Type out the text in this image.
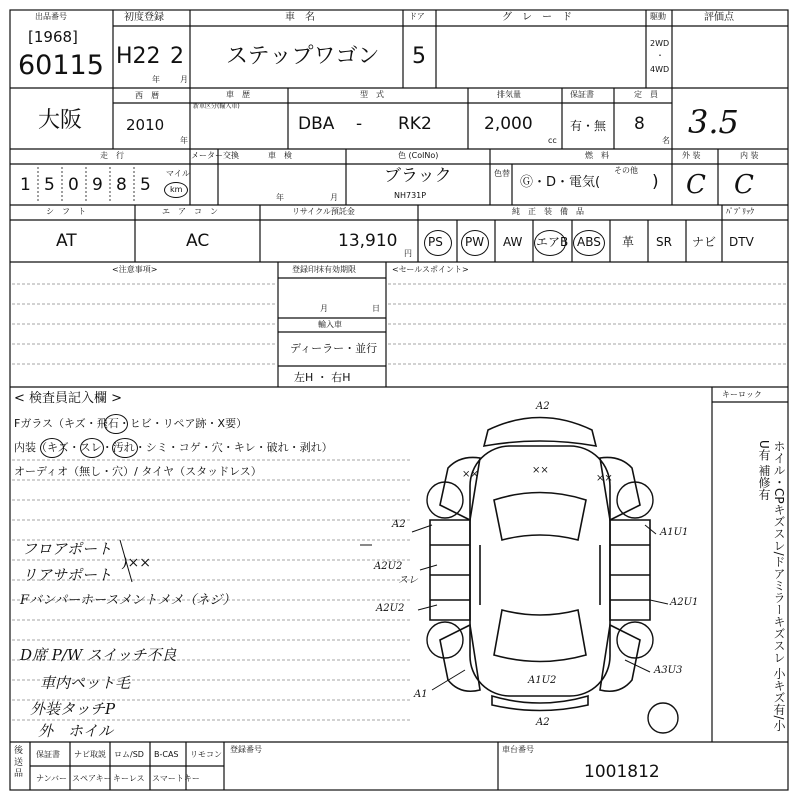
出品番号
[1968]
60115
初度登録
H22 2
年	月
車　名
ステップワゴン
ドア
5
グ　レ　ー　ド	駆動
2WD
・
4WD
評価点
大阪
西　暦
2010
年
車　歴
新車区分(輸入車)
型　式
DBA - RK2
排気量
2,000
cc
保証書
有・無
定　員
8
名 3.5
走　行
1 5 0 9 8 5
マイル
km
メーター交換	車　検
年	月
色 (ColNo)
ブラック
NH731P
色替
燃　料
Ⓖ・D・電気(
その他
)
外 装	内 装
C C
シ　フ　ト
AT
エ　ア　コ　ン
AC
リサイクル預託金
13,910
円
純　正　装　備　品	ﾊﾟﾌﾞﾘｯｸ
PS PW AW エアB ABS 革 SR ナビ DTV
<注意事項>	登録印抹有効期限
月	日
輸入車
ディーラー・並行
左H ・ 右H
<セールスポイント>
< 検査員記入欄 >	キーロック
Fガラス（キズ・飛石・ヒビ・リペア跡・X要）
内装（キズ・スレ・汚れ・シミ・コゲ・穴・キレ・破れ・剥れ）
オーディオ（無し・穴）/ タイヤ（スタッドレス）
フロアポート
リアサポート
)××
Fバンパーホースメントメメ（ネジ）
D席 P/W スイッチ不良
車内ペット毛
外装タッチP
外　ホイル
A2
××	××
××
A2
A2U2
スレ
A2U2
A1U1
A2U1
A1
A1U2
A3U3
A2	ホイル・CPキズスレ/ドアミラーキズスレ 小キズ有/小U有 補修有
後
送
品
保証書 ナビ取説 ロム/SD B-CAS リモコン
ナンバー スペアキー キーレス スマートキー
登録番号	車台番号
1001812
